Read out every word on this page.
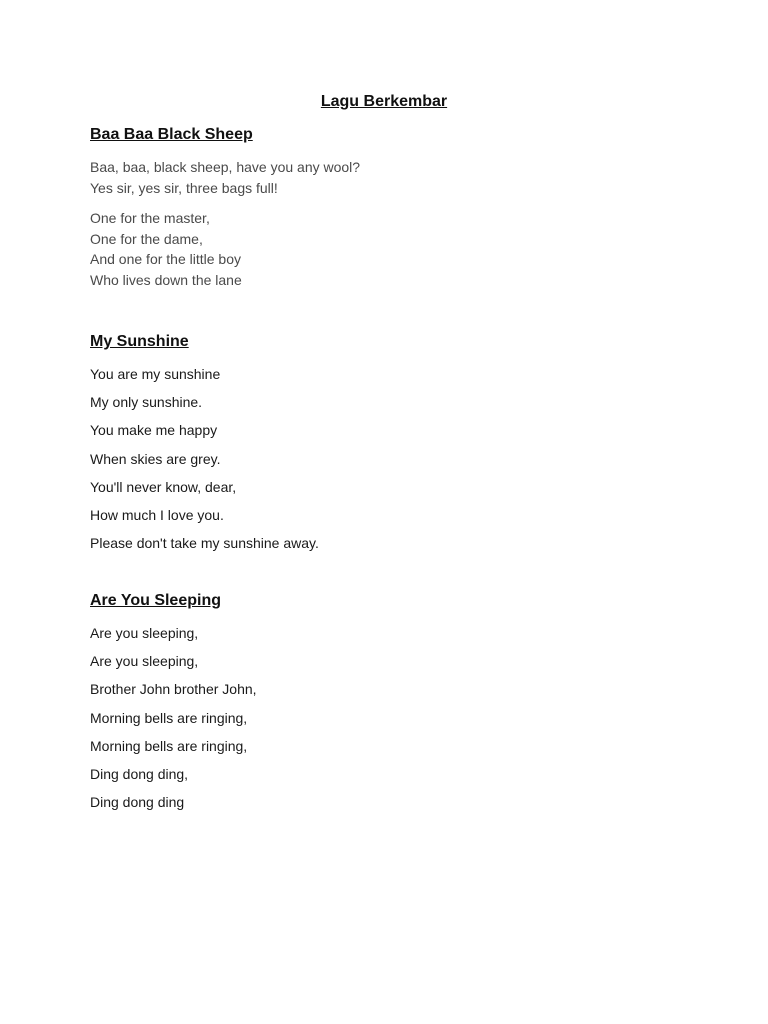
Lagu Berkembar
Baa Baa Black Sheep
Baa, baa, black sheep, have you any wool?
Yes sir, yes sir, three bags full!
One for the master,
One for the dame,
And one for the little boy
Who lives down the lane
My Sunshine
You are my sunshine
My only sunshine.
You make me happy
When skies are grey.
You'll never know, dear,
How much I love you.
Please don't take my sunshine away.
Are You Sleeping
Are you sleeping,
Are you sleeping,
Brother John brother John,
Morning bells are ringing,
Morning bells are ringing,
Ding dong ding,
Ding dong ding
